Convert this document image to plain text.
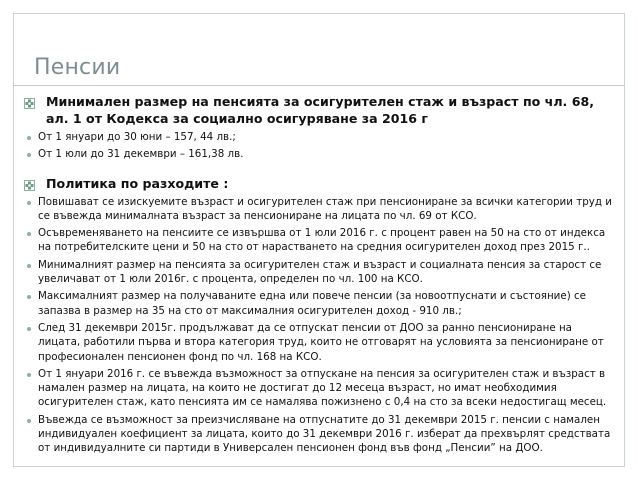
Пенсии
Минимален размер на пенсията за осигурителен стаж и възраст по чл. 68, ал. 1 от Кодекса за социално осигуряване за 2016 г
От 1 януари до 30 юни – 157, 44 лв.;
От 1 юли до 31 декември – 161,38 лв.
Политика по разходите :
Повишават се изискуемите възраст и осигурителен стаж при пенсиониране за всички категории труд и се въвежда минималната възраст за пенсиониране на лицата по чл. 69 от КСО.
Осъвременяването на пенсиите се извършва от 1 юли 2016 г. с процент равен на 50 на сто от индекса на потребителските цени и 50 на сто от нарастването на средния осигурителен доход през 2015 г..
Минималният размер на пенсията за осигурителен стаж и възраст и социалната пенсия за старост се увеличават от 1 юли 2016г. с процента, определен по чл. 100 на КСО.
Максималният размер на получаваните една или повече пенсии (за новоотпуснати и състояние) се запазва в размер на 35 на сто от максималния осигурителен доход - 910 лв.;
След 31 декември 2015г. продължават да се отпускат пенсии от ДОО за ранно пенсиониране на лицата, работили първа и втора категория труд, които не отговарят на условията за пенсиониране от професионален пенсионен фонд по чл. 168 на КСО.
От 1 януари 2016 г. се въвежда възможност за отпускане на пенсия за осигурителен стаж и възраст в намален размер на лицата, на които не достигат до 12 месеца възраст, но имат необходимия осигурителен стаж, като пенсията им се намалява пожизнено с 0,4 на сто за всеки недостигащ месец.
Въвежда се възможност за преизчисляване на отпуснатите до 31 декември 2015 г. пенсии с намален индивидуален коефициент за лицата, които до 31 декември 2016 г. изберат да прехвърлят средствата от индивидуалните си партиди в Универсален пенсионен фонд във фонд „Пенсии” на ДОО.
